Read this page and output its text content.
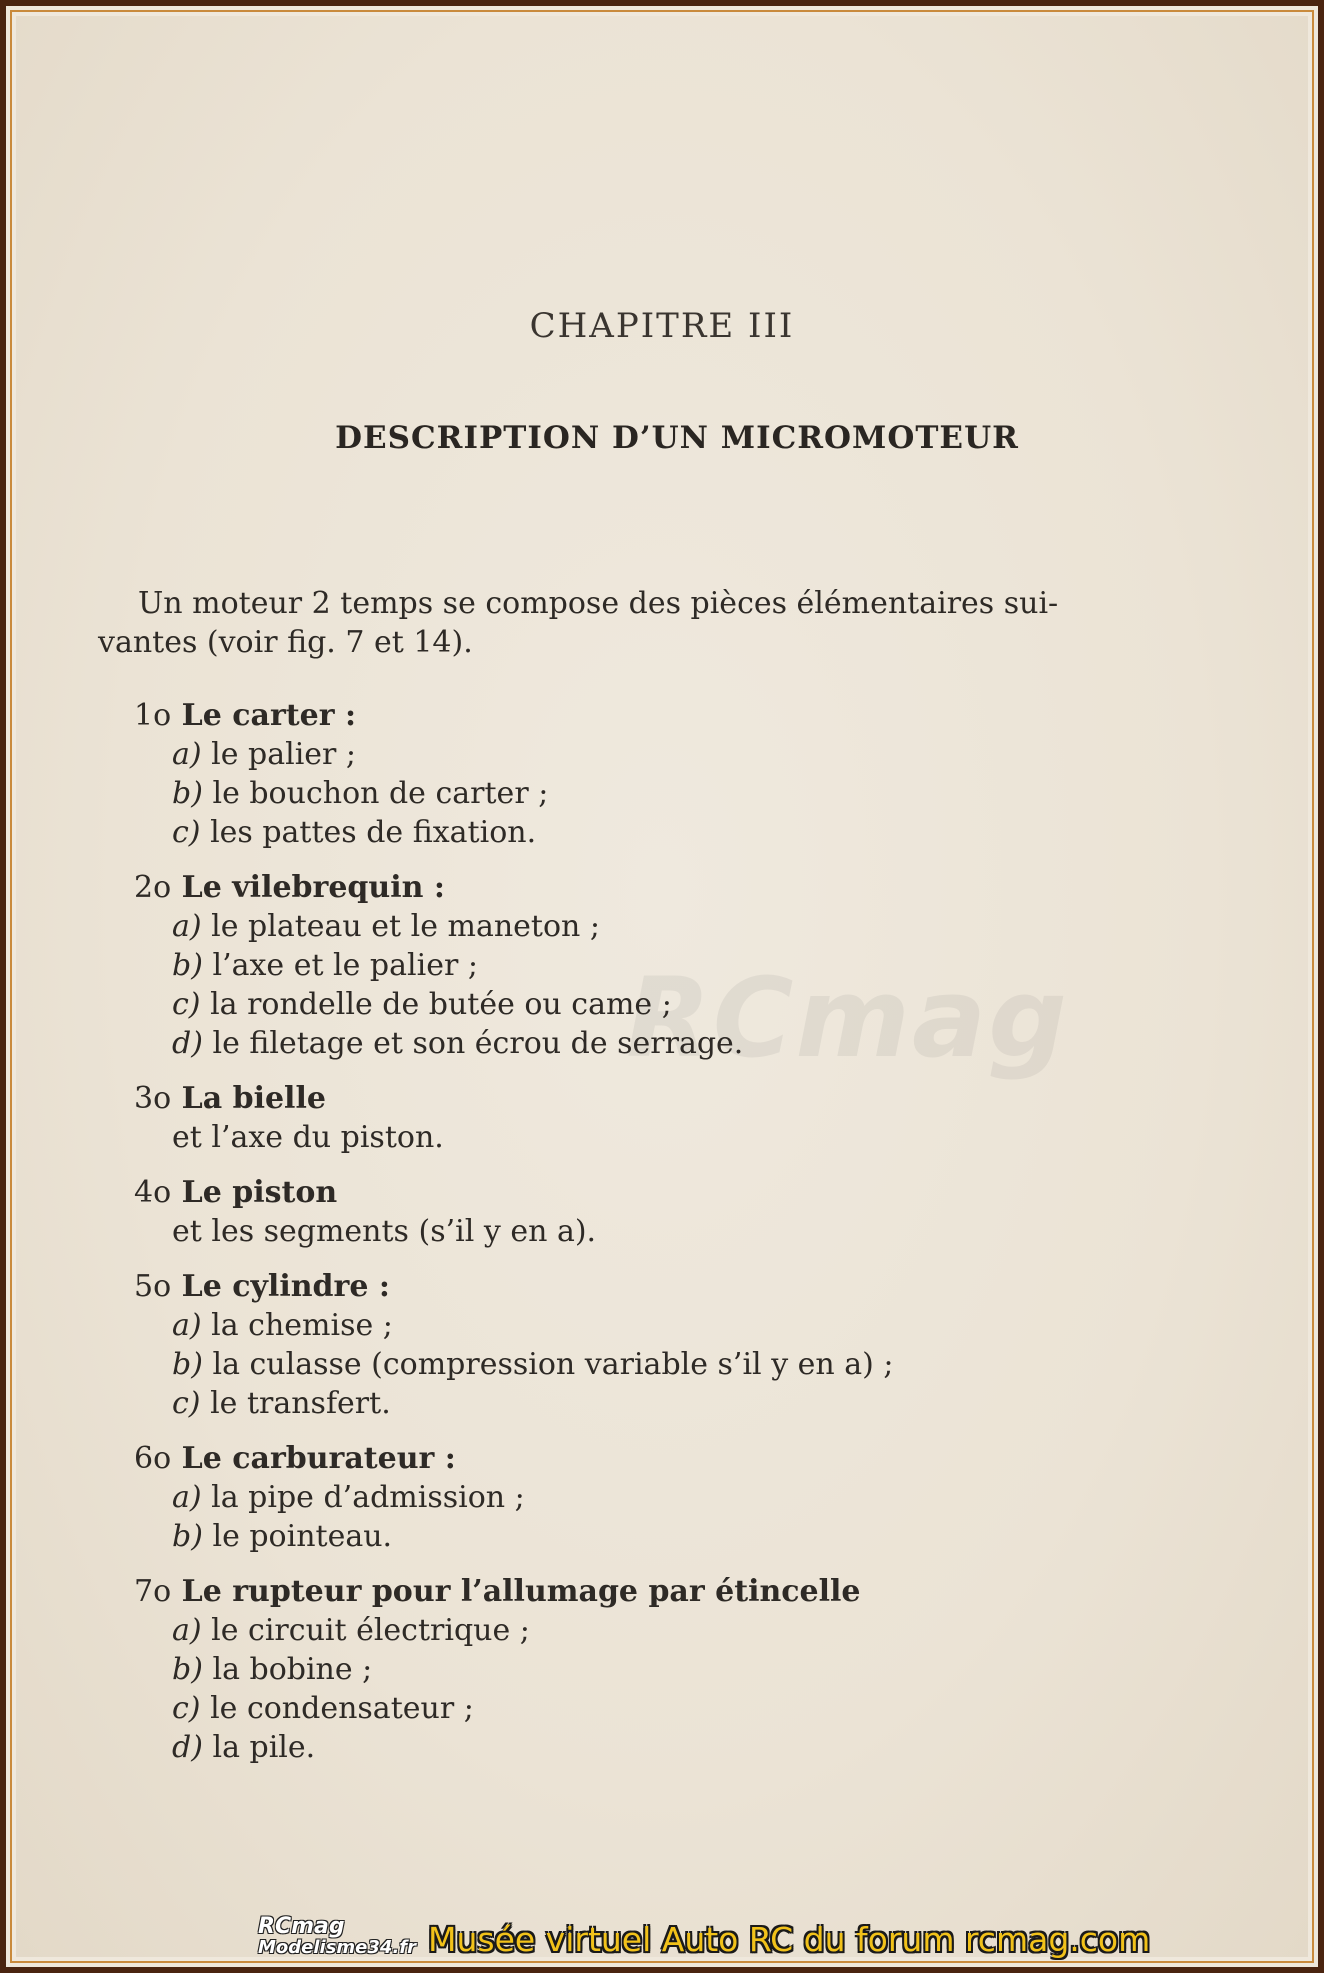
RCmag
CHAPITRE III
DESCRIPTION D’UN MICROMOTEUR
Un moteur 2 temps se compose des pièces élémentaires sui-
vantes (voir fig. 7 et 14).
1o Le carter :
a) le palier ;
b) le bouchon de carter ;
c) les pattes de fixation.
2o Le vilebrequin :
a) le plateau et le maneton ;
b) l’axe et le palier ;
c) la rondelle de butée ou came ;
d) le filetage et son écrou de serrage.
3o La bielle
et l’axe du piston.
4o Le piston
et les segments (s’il y en a).
5o Le cylindre :
a) la chemise ;
b) la culasse (compression variable s’il y en a) ;
c) le transfert.
6o Le carburateur :
a) la pipe d’admission ;
b) le pointeau.
7o Le rupteur pour l’allumage par étincelle
a) le circuit électrique ;
b) la bobine ;
c) le condensateur ;
d) la pile.
RCmag
Modelisme34.fr Musée virtuel Auto RC du forum rcmag.com
